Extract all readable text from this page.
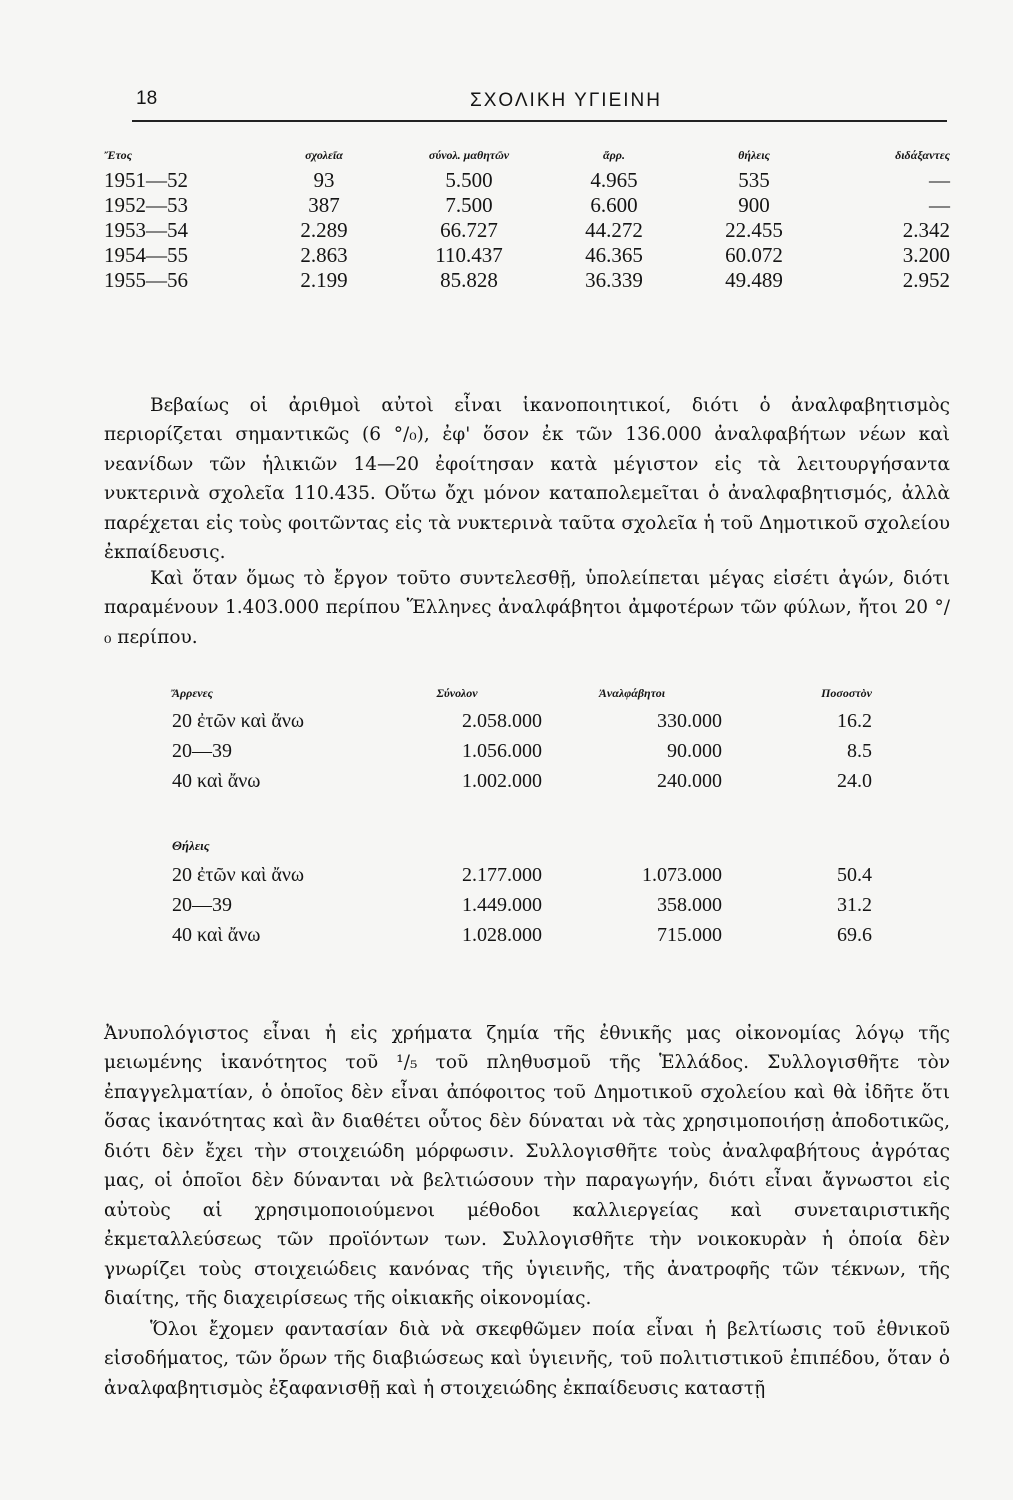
18	ΣΧΟΛΙΚΗ ΥΓΙΕΙΝΗ
Ἔτος	σχολεῖα	σύνολ. μαθητῶν	ἄρρ.	θήλεις	διδάξαντες
1951—52	93	5.500	4.965	535	—
1952—53	387	7.500	6.600	900	—
1953—54	2.289	66.727	44.272	22.455	2.342
1954—55	2.863	110.437	46.365	60.072	3.200
1955—56	2.199	85.828	36.339	49.489	2.952

Βεβαίως οἱ ἀριθμοὶ αὐτοὶ εἶναι ἱκανοποιητικοί, διότι ὁ ἀναλφαβητισμὸς περιορίζεται σημαντικῶς (6 °/₀), ἐφ' ὅσον ἐκ τῶν 136.000 ἀναλφαβήτων νέων καὶ νεανίδων τῶν ἡλικιῶν 14—20 ἐφοίτησαν κατὰ μέγιστον εἰς τὰ λειτουργήσαντα νυκτερινὰ σχολεῖα 110.435. Οὕτω ὄχι μόνον καταπολεμεῖται ὁ ἀναλφαβητισμός, ἀλλὰ παρέχεται εἰς τοὺς φοιτῶντας εἰς τὰ νυκτερινὰ ταῦτα σχολεῖα ἡ τοῦ Δημοτικοῦ σχολείου ἐκπαίδευσις.

Καὶ ὅταν ὅμως τὸ ἔργον τοῦτο συντελεσθῇ, ὑπολείπεται μέγας εἰσέτι ἀγών, διότι παραμένουν 1.403.000 περίπου Ἕλληνες ἀναλφάβητοι ἀμφοτέρων τῶν φύλων, ἤτοι 20 °/₀ περίπου.

Ἄρρενες	Σύνολον	Ἀναλφάβητοι	Ποσοστὸν
20 ἐτῶν καὶ ἄνω	2.058.000	330.000	16.2
20—39	1.056.000	90.000	8.5
40 καὶ ἄνω	1.002.000	240.000	24.0
Θήλεις			
20 ἐτῶν καὶ ἄνω	2.177.000	1.073.000	50.4
20—39	1.449.000	358.000	31.2
40 καὶ ἄνω	1.028.000	715.000	69.6

Ἀνυπολόγιστος εἶναι ἡ εἰς χρήματα ζημία τῆς ἐθνικῆς μας οἰκονομίας λόγῳ τῆς μειωμένης ἱκανότητος τοῦ ¹/₅ τοῦ πληθυσμοῦ τῆς Ἑλλάδος. Συλλογισθῆτε τὸν ἐπαγγελματίαν, ὁ ὁποῖος δὲν εἶναι ἀπόφοιτος τοῦ Δημοτικοῦ σχολείου καὶ θὰ ἰδῆτε ὅτι ὅσας ἱκανότητας καὶ ἂν διαθέτει οὗτος δὲν δύναται νὰ τὰς χρησιμοποιήσῃ ἀποδοτικῶς, διότι δὲν ἔχει τὴν στοιχειώδη μόρφωσιν. Συλλογισθῆτε τοὺς ἀναλφαβήτους ἀγρότας μας, οἱ ὁποῖοι δὲν δύνανται νὰ βελτιώσουν τὴν παραγωγήν, διότι εἶναι ἄγνωστοι εἰς αὐτοὺς αἱ χρησιμοποιούμενοι μέθοδοι καλλιεργείας καὶ συνεταιριστικῆς ἐκμεταλλεύσεως τῶν προϊόντων των. Συλλογισθῆτε τὴν νοικοκυρὰν ἡ ὁποία δὲν γνωρίζει τοὺς στοιχειώδεις κανόνας τῆς ὑγιεινῆς, τῆς ἀνατροφῆς τῶν τέκνων, τῆς διαίτης, τῆς διαχειρίσεως τῆς οἰκιακῆς οἰκονομίας.

Ὅλοι ἔχομεν φαντασίαν διὰ νὰ σκεφθῶμεν ποία εἶναι ἡ βελτίωσις τοῦ ἐθνικοῦ εἰσοδήματος, τῶν ὅρων τῆς διαβιώσεως καὶ ὑγιεινῆς, τοῦ πολιτιστικοῦ ἐπιπέδου, ὅταν ὁ ἀναλφαβητισμὸς ἐξαφανισθῇ καὶ ἡ στοιχειώδης ἐκπαίδευσις καταστῇ
